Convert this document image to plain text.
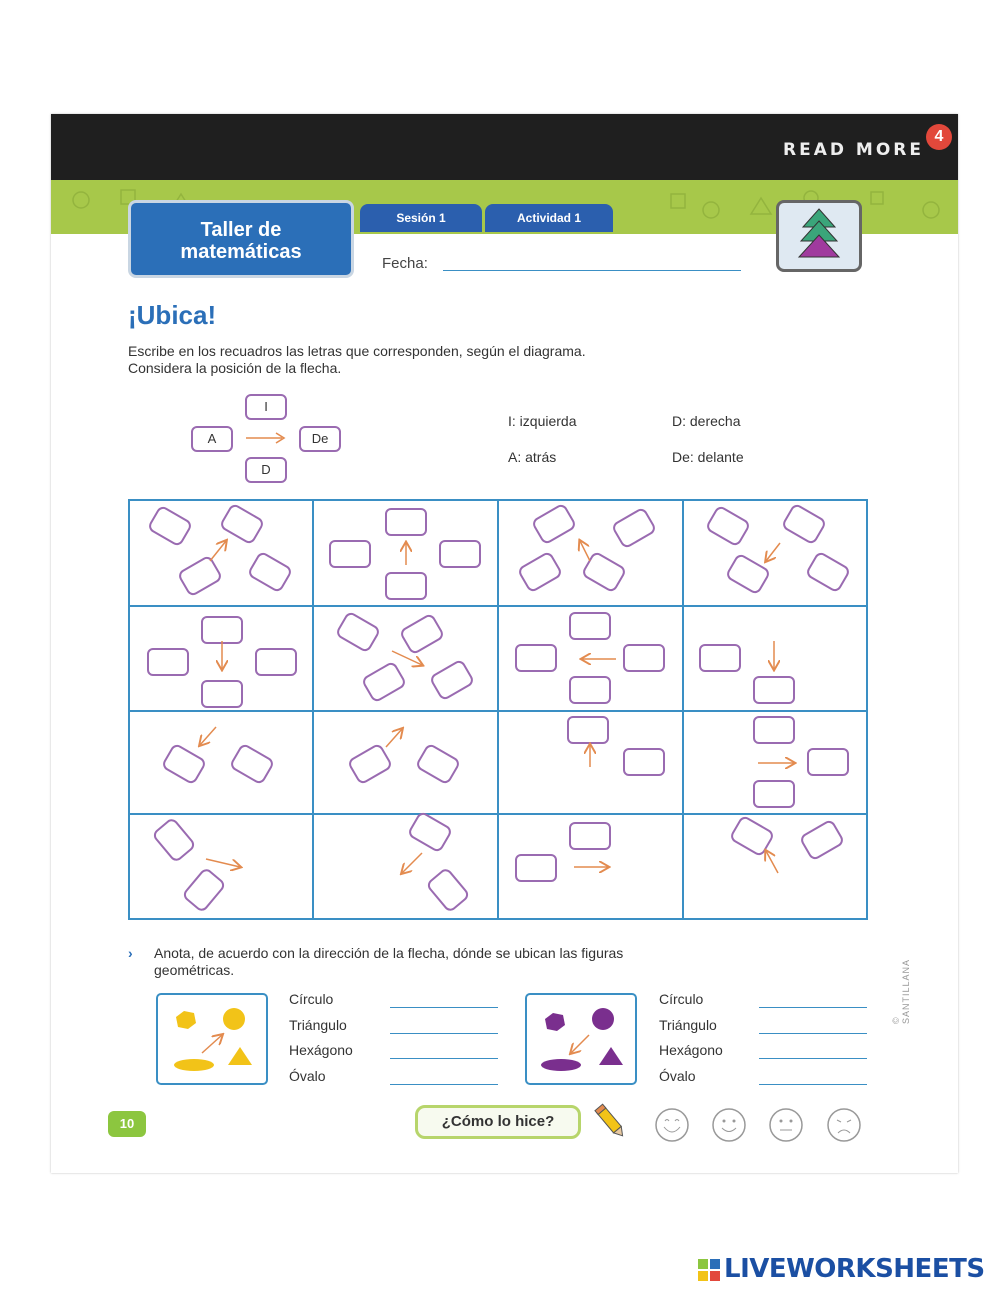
READ MORE
4
Taller de
matemáticas
Sesión 1	Actividad 1
Fecha:
¡Ubica!
Escribe en los recuadros las letras que corresponden, según el diagrama.
Considera la posición de la flecha.
I
A	De
D
I: izquierda	D: derecha
A: atrás	De: delante
›	Anota, de acuerdo con la dirección de la flecha, dónde se ubican las figuras
geométricas.
Círculo
Triángulo
Hexágono
Óvalo
Círculo
Triángulo
Hexágono
Óvalo
© SANTILLANA
10	¿Cómo lo hice?
LIVEWORKSHEETS
